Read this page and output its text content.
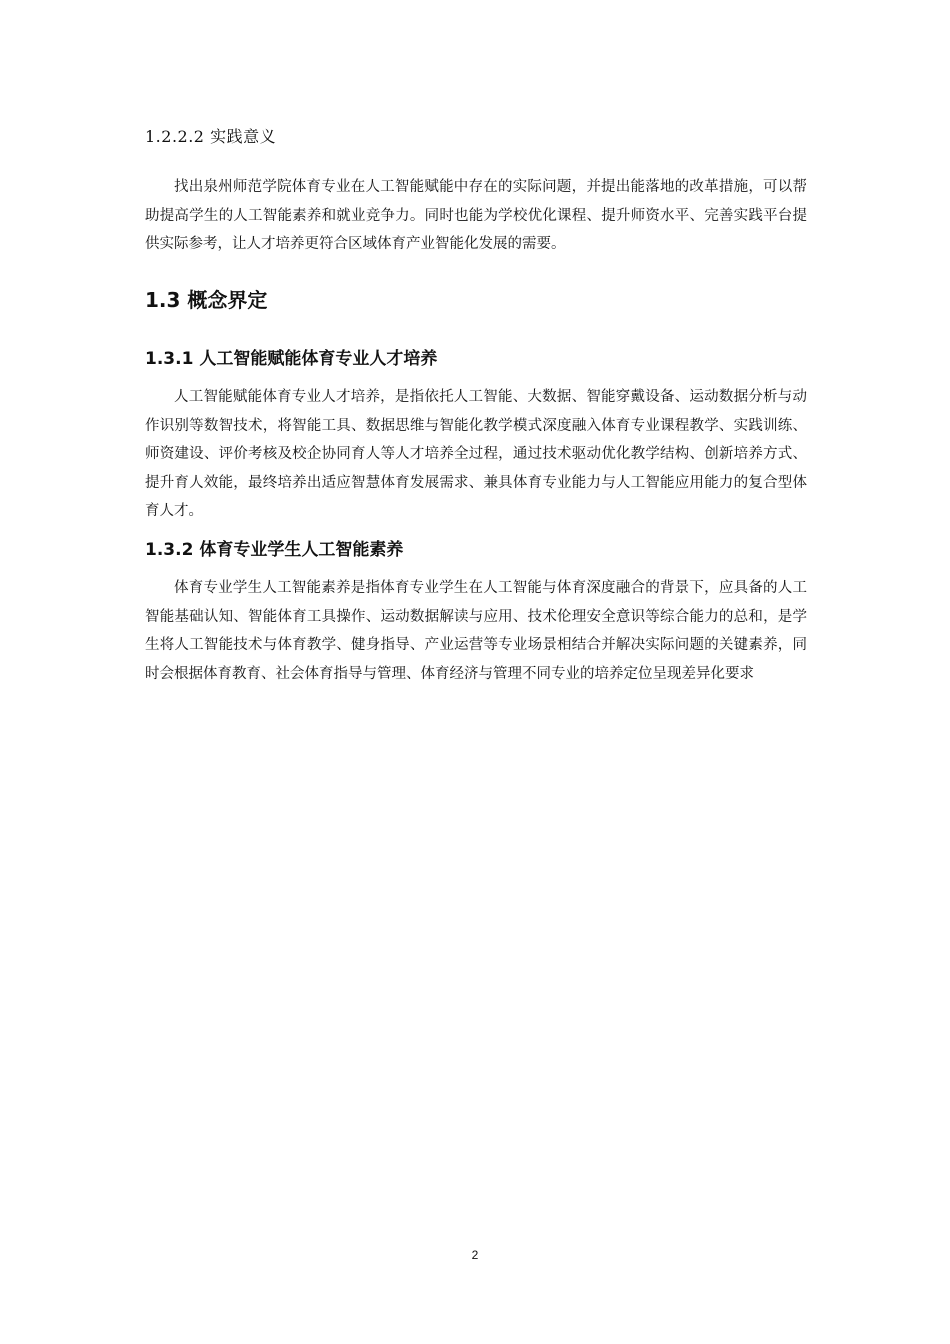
1.2.2.2 实践意义

找出泉州师范学院体育专业在人工智能赋能中存在的实际问题，并提出能落地的改革措施，可以帮助提高学生的人工智能素养和就业竞争力。同时也能为学校优化课程、提升师资水平、完善实践平台提供实际参考，让人才培养更符合区域体育产业智能化发展的需要。

1.3 概念界定
1.3.1 人工智能赋能体育专业人才培养

人工智能赋能体育专业人才培养，是指依托人工智能、大数据、智能穿戴设备、运动数据分析与动作识别等数智技术，将智能工具、数据思维与智能化教学模式深度融入体育专业课程教学、实践训练、师资建设、评价考核及校企协同育人等人才培养全过程，通过技术驱动优化教学结构、创新培养方式、提升育人效能，最终培养出适应智慧体育发展需求、兼具体育专业能力与人工智能应用能力的复合型体育人才。

1.3.2 体育专业学生人工智能素养

体育专业学生人工智能素养是指体育专业学生在人工智能与体育深度融合的背景下，应具备的人工智能基础认知、智能体育工具操作、运动数据解读与应用、技术伦理安全意识等综合能力的总和，是学生将人工智能技术与体育教学、健身指导、产业运营等专业场景相结合并解决实际问题的关键素养，同时会根据体育教育、社会体育指导与管理、体育经济与管理不同专业的培养定位呈现差异化要求

2
